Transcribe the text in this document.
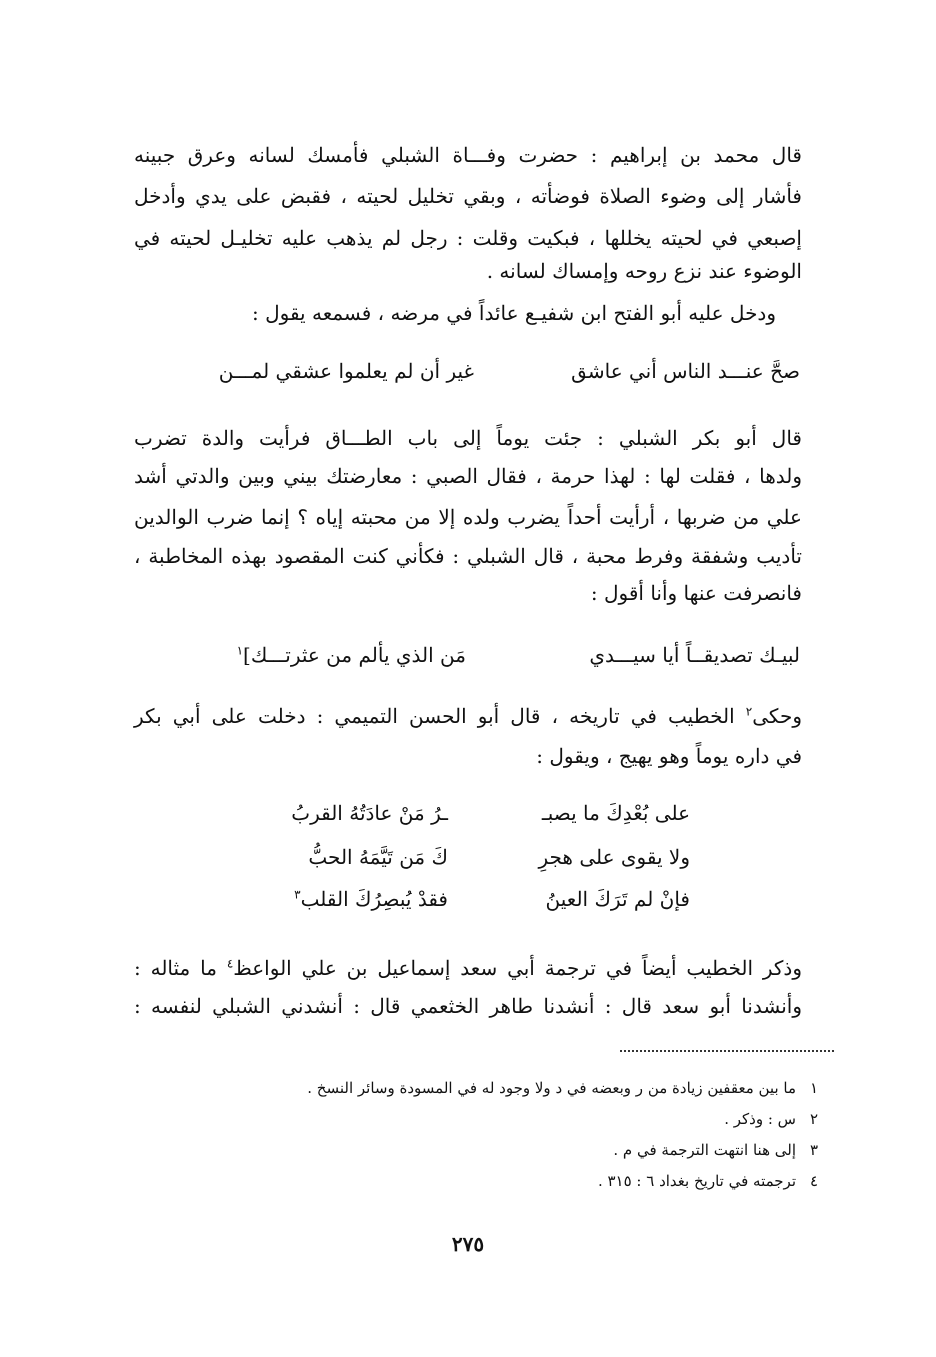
قال محمد بن إبراهيم : حضرت وفـــاة الشبلي فأمسك لسانه وعرق جبينه
فأشار إلى وضوء الصلاة فوضأته ، وبقي تخليل لحيته ، فقبض على يدي وأدخل
إصبعي في لحيته يخللها ، فبكيت وقلت : رجل لم يذهب عليه تخليـل لحيته في
الوضوء عند نزع روحه وإمساك لسانه .
ودخل عليه أبو الفتح ابن شفيـع عائداً في مرضه ، فسمعه يقول :
صحَّ عنـــد الناس أني عاشق
غير أن لم يعلموا عشقي لمـــن
قال أبو بكر الشبلي : جئت يوماً إلى باب الطـــاق فرأيت والدة تضرب
ولدها ، فقلت لها : لهذا حرمة ، فقال الصبي : معارضتك بيني وبين والدتي أشد
علي من ضربها ، أرأيت أحداً يضرب ولده إلا من محبته إياه ؟ إنما ضرب الوالدين
تأديب وشفقة وفرط محبة ، قال الشبلي : فكأني كنت المقصود بهذه المخاطبة ،
فانصرفت عنها وأنا أقول :
لبيـك تصديقــاً أيا سيـــدي
مَن الذي يألم من عثرتـــك]$^١$
وحكى$^٢$ الخطيب في تاريخه ، قال أبو الحسن التميمي : دخلت على أبي بكر
في داره يوماً وهو يهيج ، ويقول :
على بُعْدِكَ ما يصبـ
ـرُ مَنْ عادَتُهُ القربُ
ولا يقوى على هجرِ
كَ مَن تَيَّمَهُ الحبُّ
فإنْ لم تَرَكَ العينُ
فقدْ يُبصِرُكَ القلب$^٣$
وذكر الخطيب أيضاً في ترجمة أبي سعد إسماعيل بن علي الواعظ$^٤$ ما مثاله :
وأنشدنا أبو سعد قال : أنشدنا طاهر الخثعمي قال : أنشدني الشبلي لنفسه :
١ما بين معقفين زيادة من ر وبعضه في د ولا وجود له في المسودة وسائر النسخ .
٢س : وذكر .
٣إلى هنا انتهت الترجمة في م .
٤ترجمته في تاريخ بغداد ٦ : ٣١٥ .
٢٧٥
